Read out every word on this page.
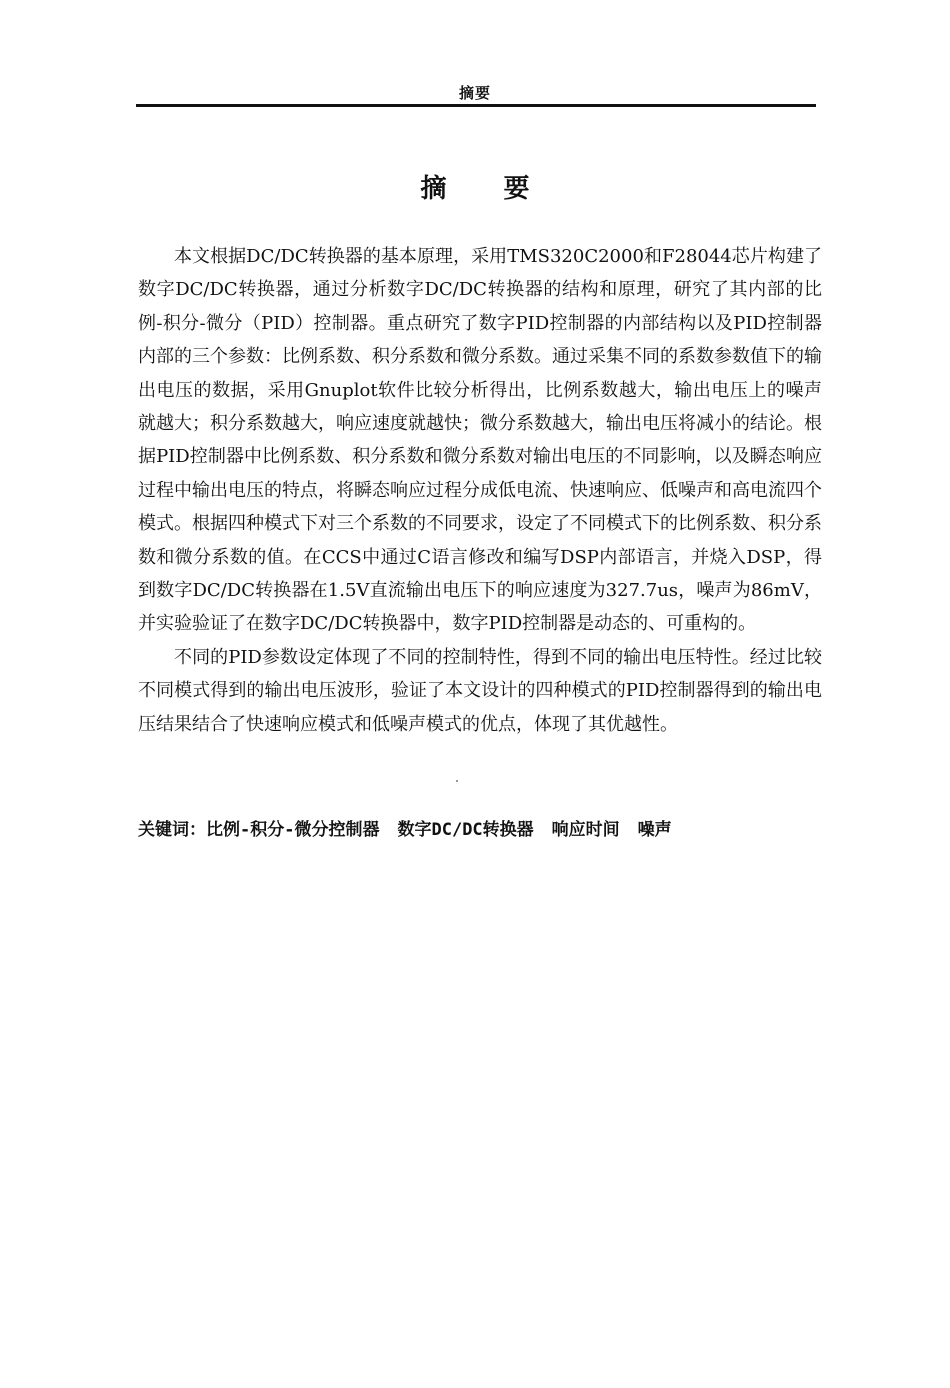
摘要
摘 要

本文根据DC/DC转换器的基本原理，采用TMS320C2000和F28044芯片构建了数字DC/DC转换器，通过分析数字DC/DC转换器的结构和原理，研究了其内部的比例-积分-微分（PID）控制器。重点研究了数字PID控制器的内部结构以及PID控制器内部的三个参数：比例系数、积分系数和微分系数。通过采集不同的系数参数值下的输出电压的数据，采用Gnuplot软件比较分析得出，比例系数越大，输出电压上的噪声就越大；积分系数越大，响应速度就越快；微分系数越大，输出电压将减小的结论。根据PID控制器中比例系数、积分系数和微分系数对输出电压的不同影响，以及瞬态响应过程中输出电压的特点，将瞬态响应过程分成低电流、快速响应、低噪声和高电流四个模式。根据四种模式下对三个系数的不同要求，设定了不同模式下的比例系数、积分系数和微分系数的值。在CCS中通过C语言修改和编写DSP内部语言，并烧入DSP，得到数字DC/DC转换器在1.5V直流输出电压下的响应速度为327.7us，噪声为86mV，并实验验证了在数字DC/DC转换器中，数字PID控制器是动态的、可重构的。

不同的PID参数设定体现了不同的控制特性，得到不同的输出电压特性。经过比较不同模式得到的输出电压波形，验证了本文设计的四种模式的PID控制器得到的输出电压结果结合了快速响应模式和低噪声模式的优点，体现了其优越性。

关键词：比例-积分-微分控制器 数字DC/DC转换器 响应时间 噪声
